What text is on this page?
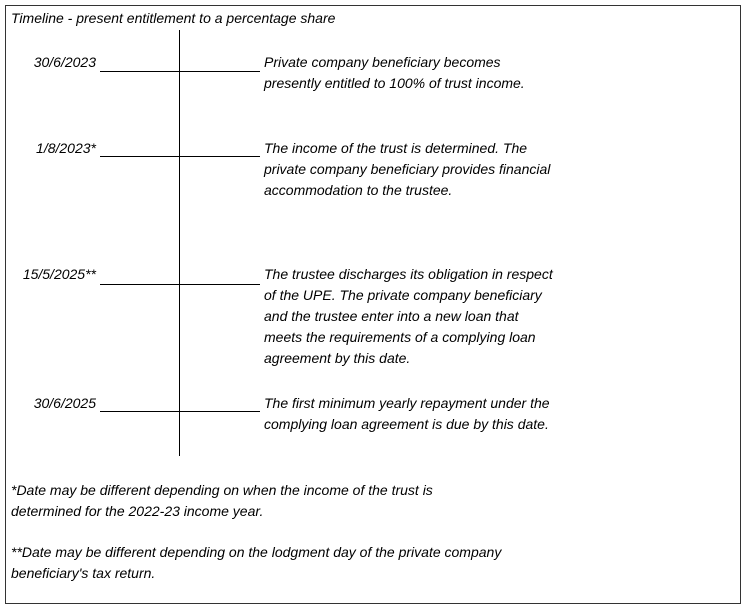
Timeline - present entitlement to a percentage share
30/6/2023	Private company beneficiary becomes
presently entitled to 100% of trust income.
1/8/2023*	The income of the trust is determined. The
private company beneficiary provides financial
accommodation to the trustee.
15/5/2025**	The trustee discharges its obligation in respect
of the UPE. The private company beneficiary
and the trustee enter into a new loan that
meets the requirements of a complying loan
agreement by this date.
30/6/2025	The first minimum yearly repayment under the
complying loan agreement is due by this date.
*Date may be different depending on when the income of the trust is
determined for the 2022-23 income year.
**Date may be different depending on the lodgment day of the private company
beneficiary's tax return.
